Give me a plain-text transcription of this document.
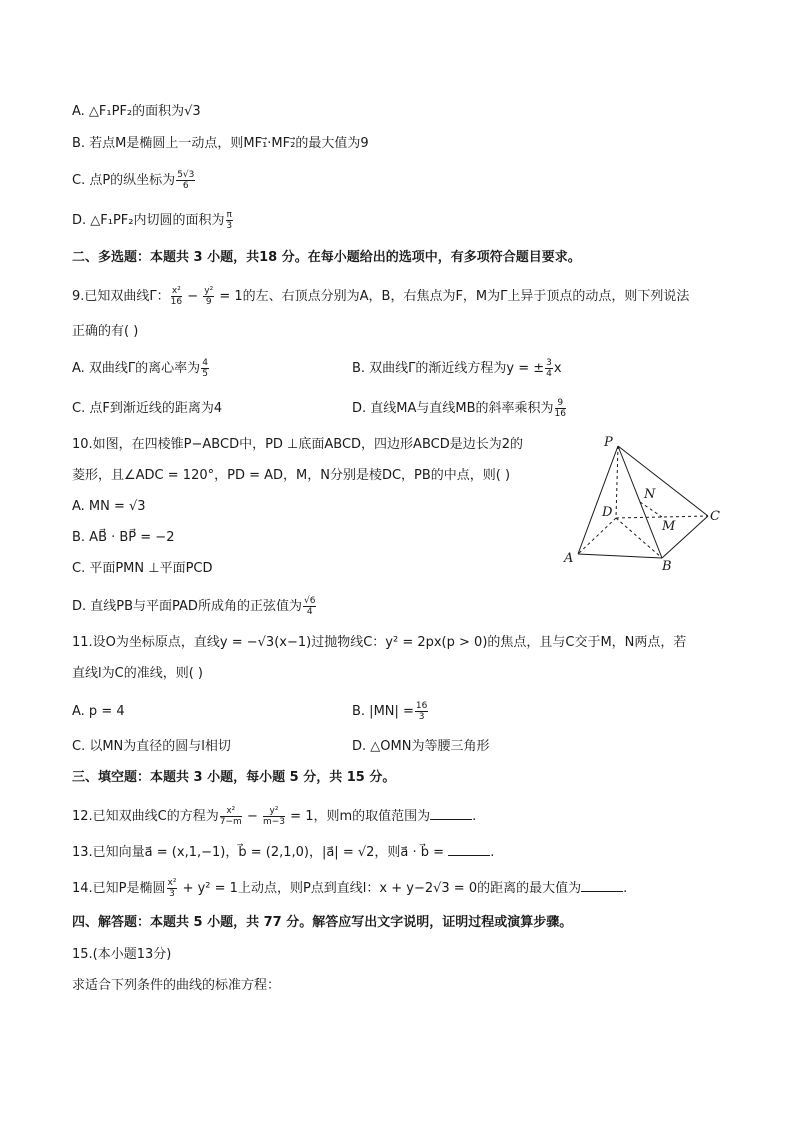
A. △F₁PF₂的面积为√3
B. 若点M是椭圆上一动点，则MF₁⃗·MF₂⃗的最大值为9
C. 点P的纵坐标为 $\frac{5√3}{6}$
D. △F₁PF₂内切圆的面积为 $\frac{\pi}{3}$
二、多选题：本题共 3 小题，共18 分。在每小题给出的选项中，有多项符合题目要求。
9.已知双曲线Γ： $\frac{\text{x²}}{16} - \frac{\text{y²}}{9} = 1$的左、右顶点分别为A，B，右焦点为F，M为Γ上异于顶点的动点，则下列说法
正确的有( )
A. 双曲线Γ的离心率为 $\frac{4}{5}$	B. 双曲线Γ的渐近线方程为y = ± $\frac{3}{4}$ x
C. 点F到渐近线的距离为4	D. 直线MA与直线MB的斜率乘积为 $\frac{9}{16}$
10.如图，在四棱锥P−ABCD中，PD ⊥底面ABCD，四边形ABCD是边长为2的
菱形，且∠ADC = 120°，PD = AD，M，N分别是棱DC，PB的中点，则( )
A. MN = √3
B. AB⃗ · BP⃗ = −2
C. 平面PMN ⊥平面PCD
D. 直线PB与平面PAD所成角的正弦值为 $\frac{√6}{4}$
P
N
D
M
C
A
B
11.设O为坐标原点，直线y = −√3(x−1)过抛物线C：y² = 2px(p > 0)的焦点，且与C交于M，N两点，若
直线l为C的准线，则( )
A. p = 4	B. $|MN| = \frac{16}{3}$
C. 以MN为直径的圆与l相切	D. △OMN为等腰三角形
三、填空题：本题共 3 小题，每小题 5 分，共 15 分。
12.已知双曲线C的方程为 $\frac{\text{x²}}{7-m} - \frac{\text{y²}}{m-3} = 1$，则m的取值范围为	.
13.已知向量a⃗ = (x,1,−1)，b⃗ = (2,1,0)，|a⃗| = √2，则a⃗ · b⃗ =	.
14.已知P是椭圆 $\frac{\text{x²}}{3} + y^2 = 1$上动点，则P点到直线l：x + y−2√3 = 0的距离的最大值为	.
四、解答题：本题共 5 小题，共 77 分。解答应写出文字说明，证明过程或演算步骤。
15.(本小题13分)
求适合下列条件的曲线的标准方程：
